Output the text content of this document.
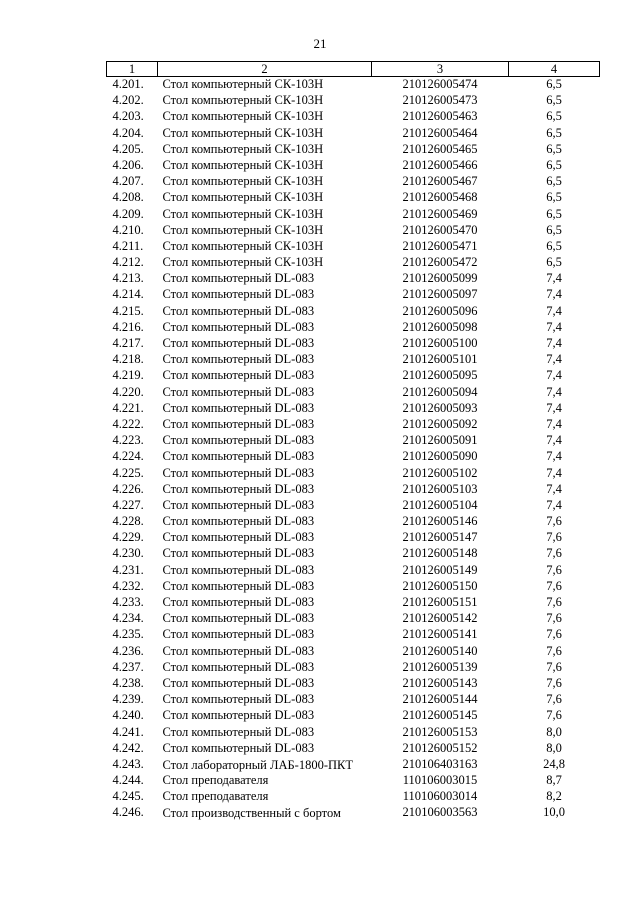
21
1	2	3	4
4.201.	Стол компьютерный СК-103Н	210126005474	6,5
4.202.	Стол компьютерный СК-103Н	210126005473	6,5
4.203.	Стол компьютерный СК-103Н	210126005463	6,5
4.204.	Стол компьютерный СК-103Н	210126005464	6,5
4.205.	Стол компьютерный СК-103Н	210126005465	6,5
4.206.	Стол компьютерный СК-103Н	210126005466	6,5
4.207.	Стол компьютерный СК-103Н	210126005467	6,5
4.208.	Стол компьютерный СК-103Н	210126005468	6,5
4.209.	Стол компьютерный СК-103Н	210126005469	6,5
4.210.	Стол компьютерный СК-103Н	210126005470	6,5
4.211.	Стол компьютерный СК-103Н	210126005471	6,5
4.212.	Стол компьютерный СК-103Н	210126005472	6,5
4.213.	Стол компьютерный DL-083	210126005099	7,4
4.214.	Стол компьютерный DL-083	210126005097	7,4
4.215.	Стол компьютерный DL-083	210126005096	7,4
4.216.	Стол компьютерный DL-083	210126005098	7,4
4.217.	Стол компьютерный DL-083	210126005100	7,4
4.218.	Стол компьютерный DL-083	210126005101	7,4
4.219.	Стол компьютерный DL-083	210126005095	7,4
4.220.	Стол компьютерный DL-083	210126005094	7,4
4.221.	Стол компьютерный DL-083	210126005093	7,4
4.222.	Стол компьютерный DL-083	210126005092	7,4
4.223.	Стол компьютерный DL-083	210126005091	7,4
4.224.	Стол компьютерный DL-083	210126005090	7,4
4.225.	Стол компьютерный DL-083	210126005102	7,4
4.226.	Стол компьютерный DL-083	210126005103	7,4
4.227.	Стол компьютерный DL-083	210126005104	7,4
4.228.	Стол компьютерный DL-083	210126005146	7,6
4.229.	Стол компьютерный DL-083	210126005147	7,6
4.230.	Стол компьютерный DL-083	210126005148	7,6
4.231.	Стол компьютерный DL-083	210126005149	7,6
4.232.	Стол компьютерный DL-083	210126005150	7,6
4.233.	Стол компьютерный DL-083	210126005151	7,6
4.234.	Стол компьютерный DL-083	210126005142	7,6
4.235.	Стол компьютерный DL-083	210126005141	7,6
4.236.	Стол компьютерный DL-083	210126005140	7,6
4.237.	Стол компьютерный DL-083	210126005139	7,6
4.238.	Стол компьютерный DL-083	210126005143	7,6
4.239.	Стол компьютерный DL-083	210126005144	7,6
4.240.	Стол компьютерный DL-083	210126005145	7,6
4.241.	Стол компьютерный DL-083	210126005153	8,0
4.242.	Стол компьютерный DL-083	210126005152	8,0
4.243.	Стол лабораторный ЛАБ-1800-ПКТ	210106403163	24,8
4.244.	Стол преподавателя	110106003015	8,7
4.245.	Стол преподавателя	110106003014	8,2
4.246.	Стол производственный с бортом	210106003563	10,0
